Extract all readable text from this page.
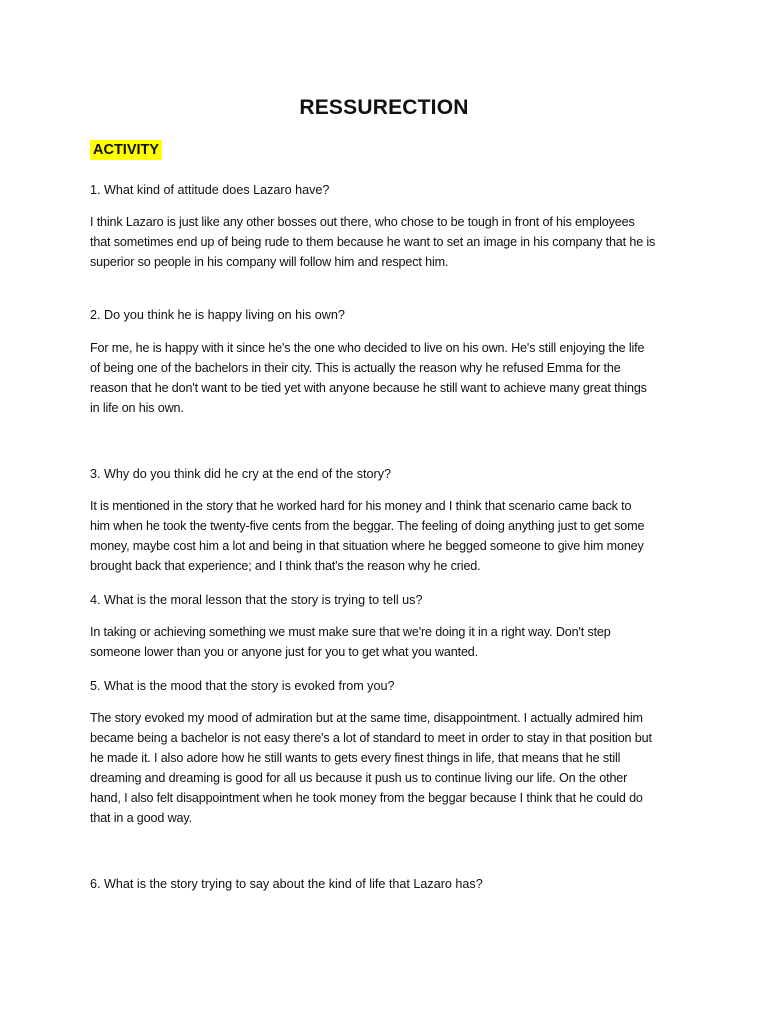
RESSURECTION
ACTIVITY

1. What kind of attitude does Lazaro have?

I think Lazaro is just like any other bosses out there, who chose to be tough in front of his employees
that sometimes end up of being rude to them because he want to set an image in his company that he is
superior so people in his company will follow him and respect him.

2. Do you think he is happy living on his own?

For me, he is happy with it since he's the one who decided to live on his own. He's still enjoying the life
of being one of the bachelors in their city. This is actually the reason why he refused Emma for the
reason that he don't want to be tied yet with anyone because he still want to achieve many great things
in life on his own.

3. Why do you think did he cry at the end of the story?

It is mentioned in the story that he worked hard for his money and I think that scenario came back to
him when he took the twenty-five cents from the beggar. The feeling of doing anything just to get some
money, maybe cost him a lot and being in that situation where he begged someone to give him money
brought back that experience; and I think that's the reason why he cried.

4. What is the moral lesson that the story is trying to tell us?

In taking or achieving something we must make sure that we're doing it in a right way. Don't step
someone lower than you or anyone just for you to get what you wanted.

5. What is the mood that the story is evoked from you?

The story evoked my mood of admiration but at the same time, disappointment. I actually admired him
became being a bachelor is not easy there's a lot of standard to meet in order to stay in that position but
he made it. I also adore how he still wants to gets every finest things in life, that means that he still
dreaming and dreaming is good for all us because it push us to continue living our life. On the other
hand, I also felt disappointment when he took money from the beggar because I think that he could do
that in a good way.

6. What is the story trying to say about the kind of life that Lazaro has?
